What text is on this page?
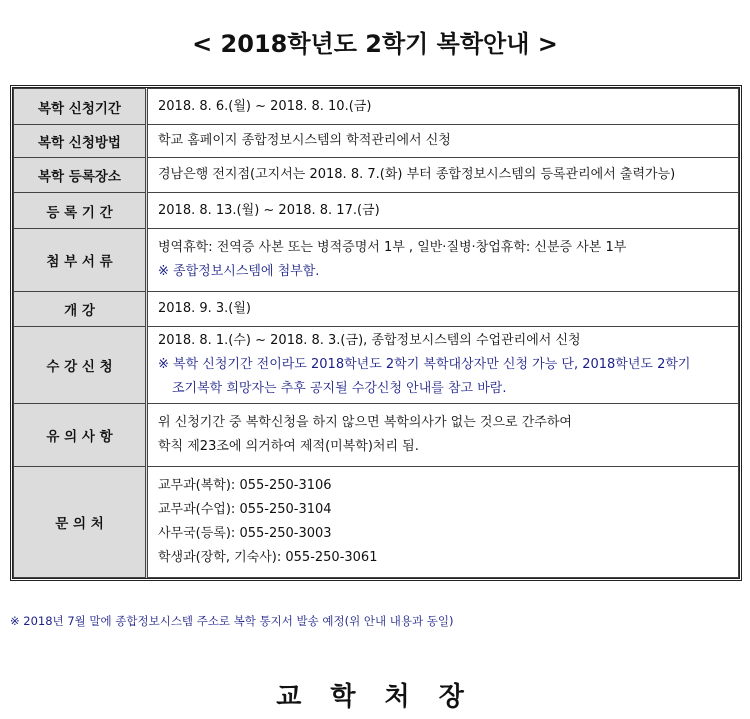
< 2018학년도 2학기 복학안내 >
복학 신청기간	2018. 8. 6.(월) ~ 2018. 8. 10.(금)

복학 신청방법	학교 홈페이지 종합정보시스템의 학적관리에서 신청

복학 등록장소	경남은행 전지점(고지서는 2018. 8. 7.(화) 부터 종합정보시스템의 등록관리에서 출력가능)

등 록 기 간	2018. 8. 13.(월) ~ 2018. 8. 17.(금)

첨 부 서 류	병역휴학: 전역증 사본 또는 병적증명서 1부 , 일반·질병·창업휴학: 신분증 사본 1부
※ 종합정보시스템에 첨부함.

개 강	2018. 9. 3.(월)

수 강 신 청	2018. 8. 1.(수) ~ 2018. 8. 3.(금), 종합정보시스템의 수업관리에서 신청
※ 복학 신청기간 전이라도 2018학년도 2학기 복학대상자만 신청 가능 단, 2018학년도 2학기
조기복학 희망자는 추후 공지될 수강신청 안내를 참고 바람.

유 의 사 항	위 신청기간 중 복학신청을 하지 않으면 복학의사가 없는 것으로 간주하여
학칙 제23조에 의거하여 제적(미복학)처리 됨.

문 의 처	교무과(복학): 055-250-3106
교무과(수업): 055-250-3104
사무국(등록): 055-250-3003
학생과(장학, 기숙사): 055-250-3061
※ 2018년 7월 말에 종합정보시스템 주소로 복학 통지서 발송 예정(위 안내 내용과 동일)
교 학 처 장
